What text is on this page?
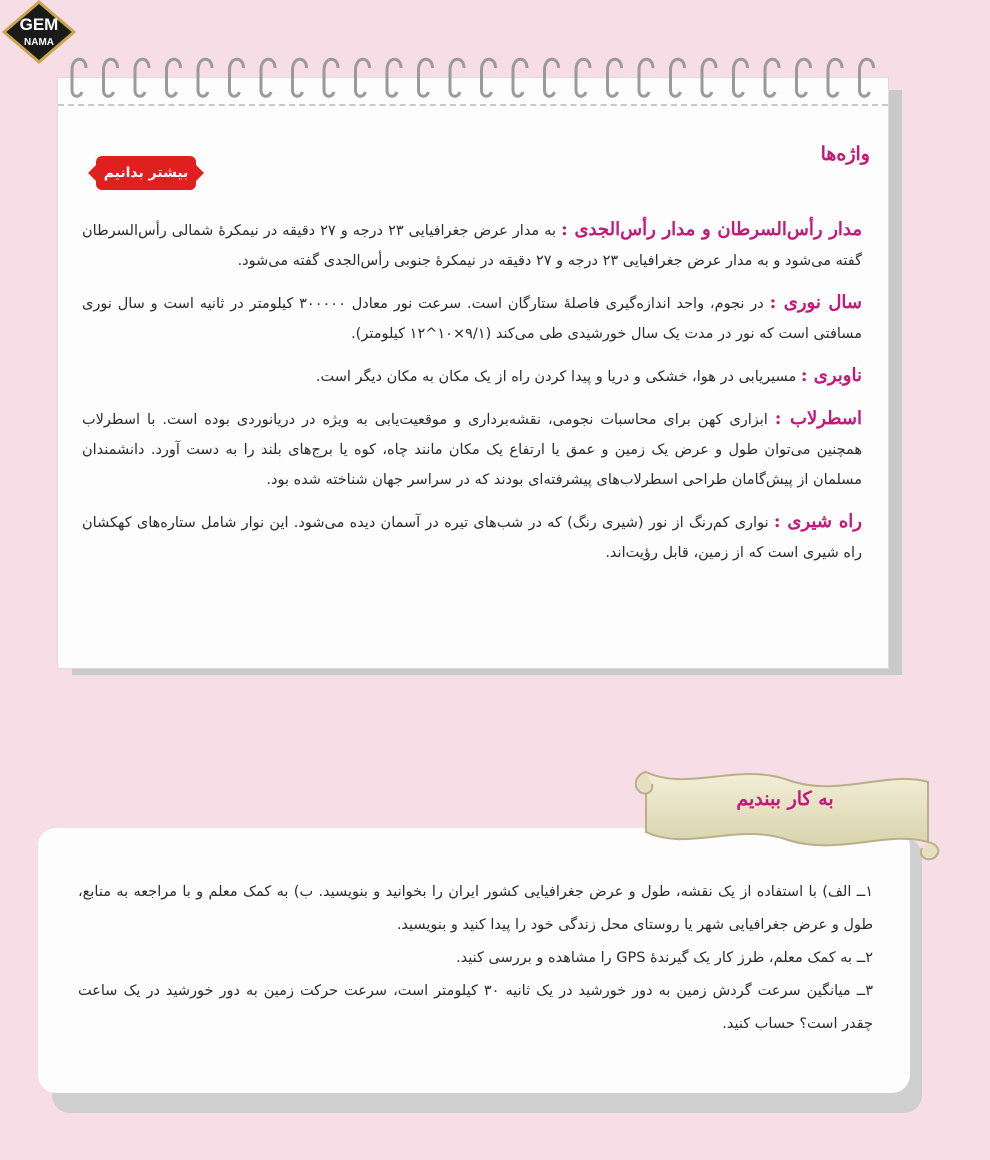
GEM
NAMA
واژه‌ها
بیشتر بدانیم

مدار رأس‌السرطان و مدار رأس‌الجدی : به مدار عرض جغرافیایی ۲۳ درجه و ۲۷ دقیقه در نیمکرهٔ شمالی رأس‌السرطان گفته می‌شود و به مدار عرض جغرافیایی ۲۳ درجه و ۲۷ دقیقه در نیمکرهٔ جنوبی رأس‌الجدی گفته می‌شود.

سال نوری : در نجوم، واحد اندازه‌گیری فاصلهٔ ستارگان است. سرعت نور معادل ۳۰۰۰۰۰ کیلومتر در ثانیه است و سال نوری مسافتی است که نور در مدت یک سال خورشیدی طی می‌کند (۹/۱×۱۰^۱۲ کیلومتر).

ناوبری : مسیریابی در هوا، خشکی و دریا و پیدا کردن راه از یک مکان به مکان دیگر است.

اسطرلاب : ابزاری کهن برای محاسبات نجومی، نقشه‌برداری و موقعیت‌یابی به ویژه در دریانوردی بوده است. با اسطرلاب همچنین می‌توان طول و عرض یک زمین و عمق یا ارتفاع یک مکان مانند چاه، کوه یا برج‌های بلند را به دست آورد. دانشمندان مسلمان از پیش‌گامان طراحی اسطرلاب‌های پیشرفته‌ای بودند که در سراسر جهان شناخته شده بود.

راه شیری : نواری کم‌رنگ از نور (شیری رنگ) که در شب‌های تیره در آسمان دیده می‌شود. این نوار شامل ستاره‌های کهکشان راه شیری است که از زمین، قابل رؤیت‌اند.

به کار ببندیم

۱ــ الف) با استفاده از یک نقشه، طول و عرض جغرافیایی کشور ایران را بخوانید و بنویسید. ب) به کمک معلم و با مراجعه به منابع، طول و عرض جغرافیایی شهر یا روستای محل زندگی خود را پیدا کنید و بنویسید.

۲ــ به کمک معلم، طرز کار یک گیرندهٔ GPS را مشاهده و بررسی کنید.

۳ــ میانگین سرعت گردش زمین به دور خورشید در یک ثانیه ۳۰ کیلومتر است، سرعت حرکت زمین به دور خورشید در یک ساعت چقدر است؟ حساب کنید.
